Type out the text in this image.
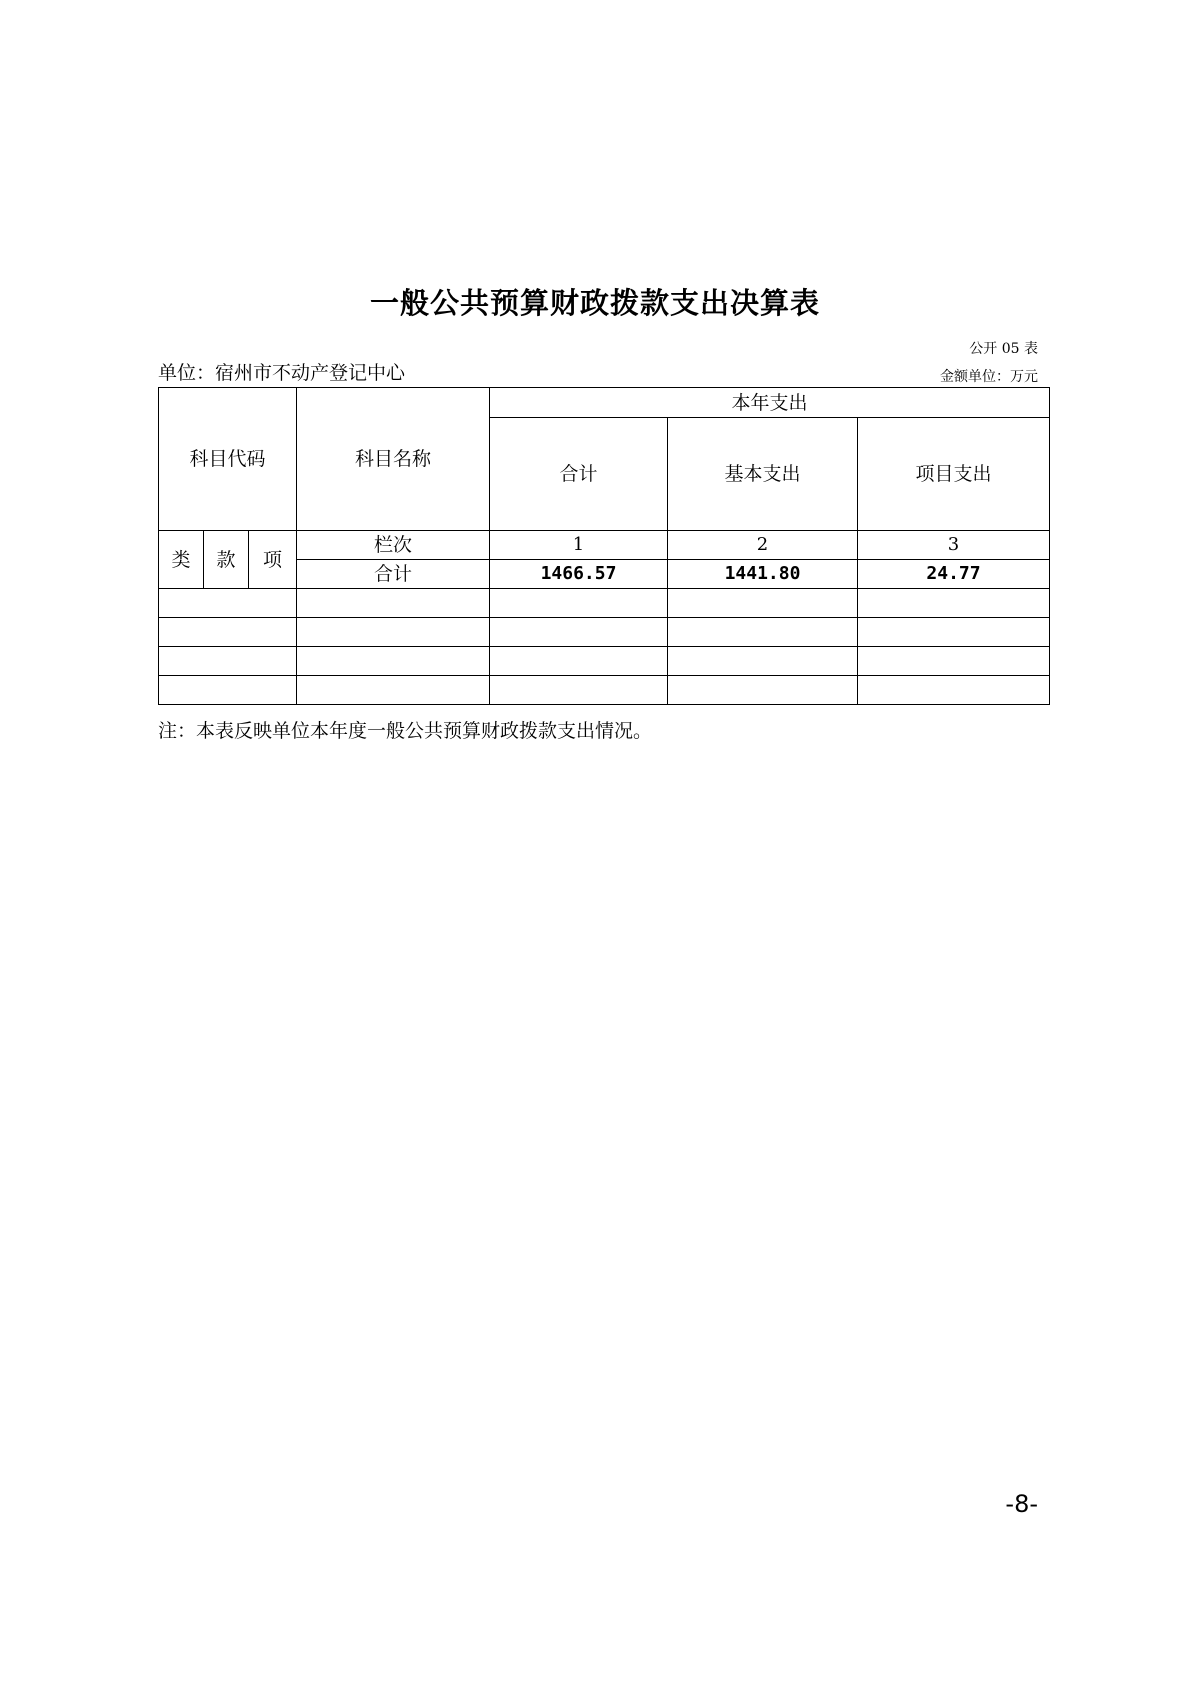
一般公共预算财政拨款支出决算表
公开 05 表
单位：宿州市不动产登记中心	金额单位：万元
科目代码			科目名称	本年支出		
				合计	基本支出	项目支出
类	款	项	栏次	1	2	3
			合计	1466.57	1441.80	24.77

注：本表反映单位本年度一般公共预算财政拨款支出情况。
-8-
